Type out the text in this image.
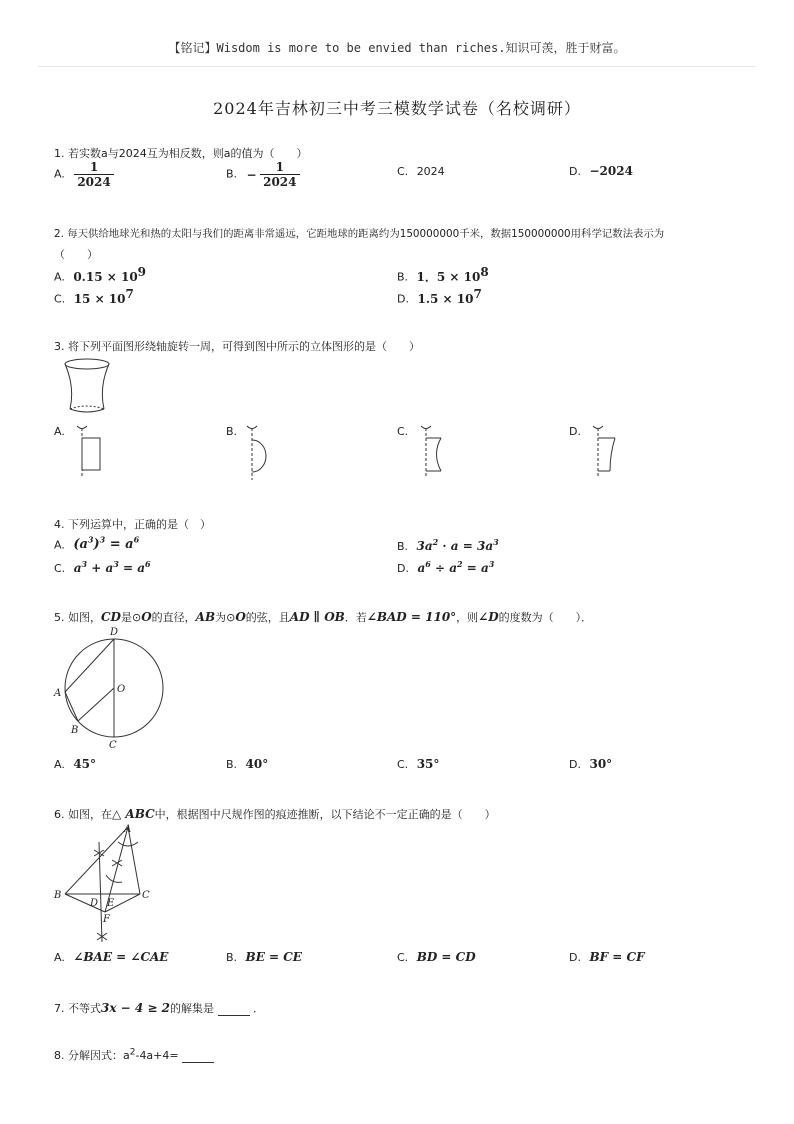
【铭记】Wisdom is more to be envied than riches.知识可羡，胜于财富。
2024年吉林初三中考三模数学试卷（名校调研）
1. 若实数a与2024互为相反数，则a的值为（　　）
A. $\frac{1}{2024}$	B. − $\frac{1}{2024}$	C. 2024	D. −2024
2. 每天供给地球光和热的太阳与我们的距离非常遥远，它距地球的距离约为150000000千米，数据150000000用科学记数法表示为
（　　）
A. $0.15 \times 10^9$	B. 1．$5 \times 10^8$
C. $15 \times 10^7$	D. $1.5 \times 10^7$
3. 将下列平面图形绕轴旋转一周，可得到图中所示的立体图形的是（　　）
A.	B.	C.	D.
4. 下列运算中，正确的是（　）
A. $(a^3)^3 = a^6$	B. $3a^2 \cdot a = 3a^3$
C. $a^3 + a^3 = a^6$	D. $a^6 \div a^2 = a^3$
5. 如图，CD是⊙O的直径，AB为⊙O的弦，且AD ∥ OB．若∠BAD = 110°，则∠D的度数为（　　）．
D
A	O
B
C
A. 45°	B. 40°	C. 35°	D. 30°
6. 如图，在△ ABC中，根据图中尺规作图的痕迹推断，以下结论不一定正确的是（　　）
A
B	C
D E
F
A. ∠BAE = ∠CAE	B. BE = CE	C. BD = CD	D. BF = CF
7. 不等式3x − 4 ≥ 2的解集是	．
8. 分解因式：$a^2-4a+4=$
